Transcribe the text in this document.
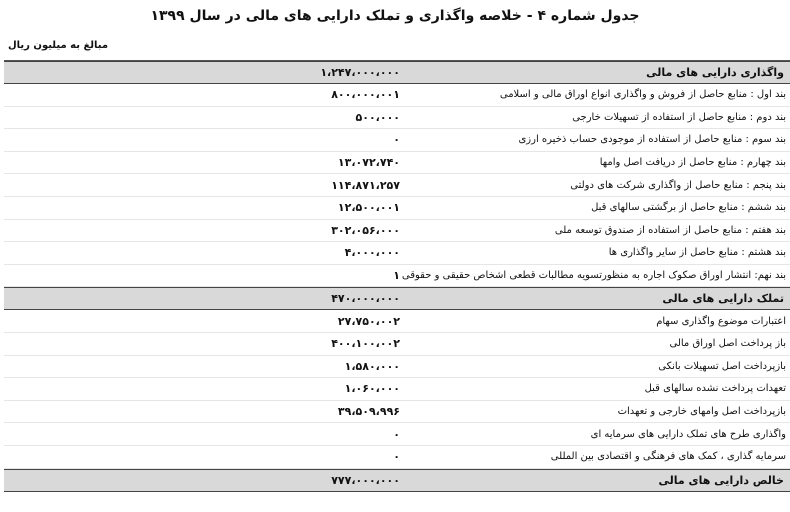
جدول شماره ۴ - خلاصه واگذاری و تملک دارایی های مالی در سال ۱۳۹۹
مبالغ به میلیون ریال
واگذاری دارایی های مالی
۱،۲۴۷،۰۰۰،۰۰۰
بند اول : منابع حاصل از فروش و واگذاری انواع اوراق مالی و اسلامی
۸۰۰،۰۰۰،۰۰۱
بند دوم : منابع حاصل از استفاده از تسهیلات خارجی
۵۰۰،۰۰۰
بند سوم : منابع حاصل از استفاده از موجودی حساب ذخیره ارزی
۰
بند چهارم : منابع حاصل از دریافت اصل وامها
۱۳،۰۷۲،۷۴۰
بند پنجم : منابع حاصل از واگذاری شرکت های دولتی
۱۱۴،۸۷۱،۲۵۷
بند ششم : منابع حاصل از برگشتی سالهای قبل
۱۲،۵۰۰،۰۰۱
بند هفتم : منابع حاصل از استفاده از صندوق توسعه ملی
۳۰۲،۰۵۶،۰۰۰
بند هشتم : منابع حاصل از سایر واگذاری ها
۴،۰۰۰،۰۰۰
بند نهم: انتشار اوراق صکوک اجاره به منظورتسویه مطالبات قطعی اشخاص حقیقی و حقوقی
۱
تملک دارایی های مالی
۴۷۰،۰۰۰،۰۰۰
اعتبارات موضوع واگذاری سهام
۲۷،۷۵۰،۰۰۲
باز پرداخت اصل اوراق مالی
۴۰۰،۱۰۰،۰۰۲
بازپرداخت اصل تسهیلات بانکی
۱،۵۸۰،۰۰۰
تعهدات پرداخت نشده سالهای قبل
۱،۰۶۰،۰۰۰
بازپرداخت اصل وامهای خارجی و تعهدات
۳۹،۵۰۹،۹۹۶
واگذاری طرح های تملک دارایی های سرمایه ای
۰
سرمایه گذاری ، کمک های فرهنگی و اقتصادی بین المللی
۰
خالص دارایی های مالی
۷۷۷،۰۰۰،۰۰۰
